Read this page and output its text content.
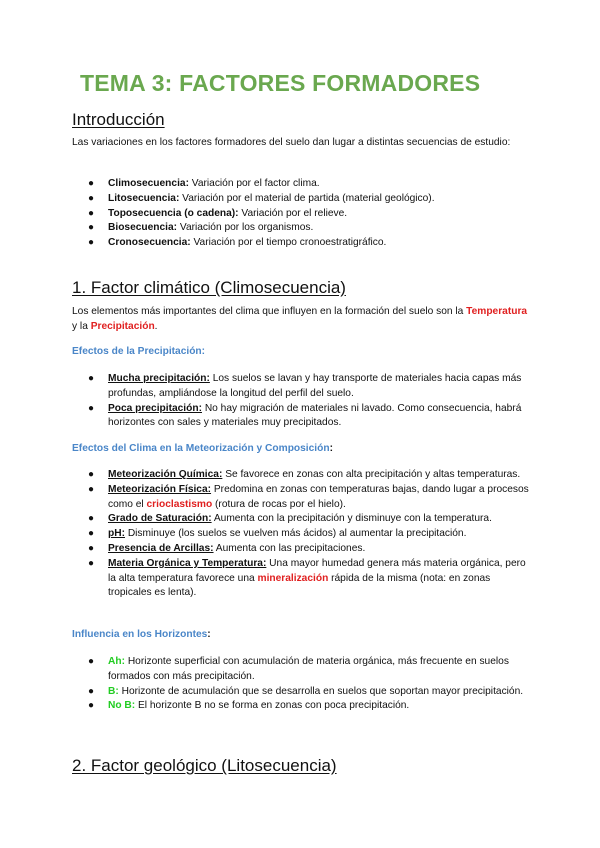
TEMA 3: FACTORES FORMADORES
Introducción
Las variaciones en los factores formadores del suelo dan lugar a distintas secuencias de estudio:
● Climosecuencia: Variación por el factor clima.
● Litosecuencia: Variación por el material de partida (material geológico).
● Toposecuencia (o cadena): Variación por el relieve.
● Biosecuencia: Variación por los organismos.
● Cronosecuencia: Variación por el tiempo cronoestratigráfico.
1. Factor climático (Climosecuencia)
Los elementos más importantes del clima que influyen en la formación del suelo son la Temperatura y la Precipitación.
Efectos de la Precipitación:
● Mucha precipitación: Los suelos se lavan y hay transporte de materiales hacia capas más profundas, ampliándose la longitud del perfil del suelo.
● Poca precipitación: No hay migración de materiales ni lavado. Como consecuencia, habrá horizontes con sales y materiales muy precipitados.
Efectos del Clima en la Meteorización y Composición:
● Meteorización Química: Se favorece en zonas con alta precipitación y altas temperaturas.
● Meteorización Física: Predomina en zonas con temperaturas bajas, dando lugar a procesos como el crioclastismo (rotura de rocas por el hielo).
● Grado de Saturación: Aumenta con la precipitación y disminuye con la temperatura.
● pH: Disminuye (los suelos se vuelven más ácidos) al aumentar la precipitación.
● Presencia de Arcillas: Aumenta con las precipitaciones.
● Materia Orgánica y Temperatura: Una mayor humedad genera más materia orgánica, pero la alta temperatura favorece una mineralización rápida de la misma (nota: en zonas tropicales es lenta).
Influencia en los Horizontes:
● Ah: Horizonte superficial con acumulación de materia orgánica, más frecuente en suelos formados con más precipitación.
● B: Horizonte de acumulación que se desarrolla en suelos que soportan mayor precipitación.
● No B: El horizonte B no se forma en zonas con poca precipitación.
2. Factor geológico (Litosecuencia)
